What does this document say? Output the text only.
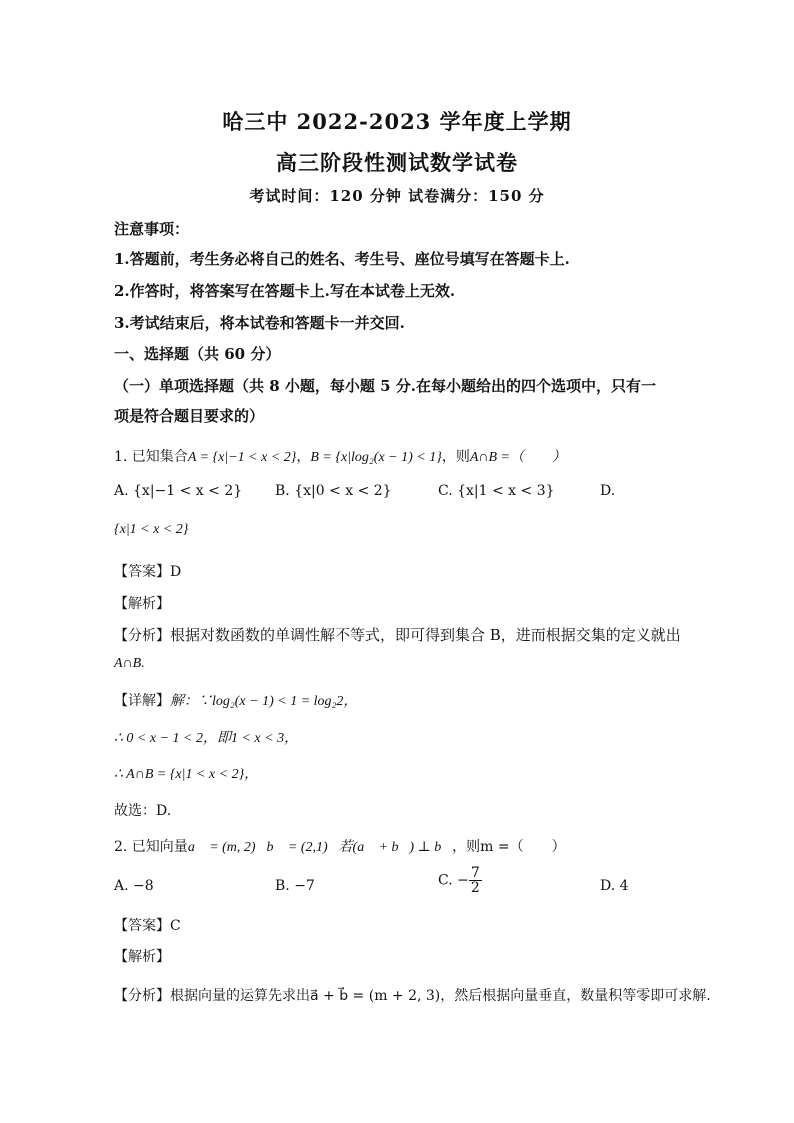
哈三中 2022-2023 学年度上学期
高三阶段性测试数学试卷
考试时间：120 分钟 试卷满分：150 分
注意事项：
1.答题前，考生务必将自己的姓名、考生号、座位号填写在答题卡上.
2.作答时，将答案写在答题卡上.写在本试卷上无效.
3.考试结束后，将本试卷和答题卡一并交回.
一、选择题（共 60 分）
（一）单项选择题（共 8 小题，每小题 5 分.在每小题给出的四个选项中，只有一
项是符合题目要求的）
1. 已知集合A = {x|−1 < x < 2}，B = {x|log₂(x − 1) < 1}，则A∩B =（　　）
A. {x|−1 < x < 2} B. {x|0 < x < 2}	C. {x|1 < x < 3}	D.
{x|1 < x < 2}
【答案】D
【解析】
【分析】根据对数函数的单调性解不等式，即可得到集合 B，进而根据交集的定义就出
A∩B.
【详解】解：∵log₂(x − 1) < 1 = log₂2，
∴ 0 < x − 1 < 2，即1 < x < 3，
∴ A∩B = {x|1 < x < 2}，
故选：D.
2. 已知向量a⃗ = (m, 2)，b⃗ = (2,1)，若(a⃗ + b⃗) ⊥ b⃗，则m =（　　）
A. −8	B. −7	C. − $\frac{7}{2}$	D. 4
【答案】C
【解析】
【分析】根据向量的运算先求出a⃗ + b⃗ = (m + 2, 3)，然后根据向量垂直，数量积等零即可求解.
